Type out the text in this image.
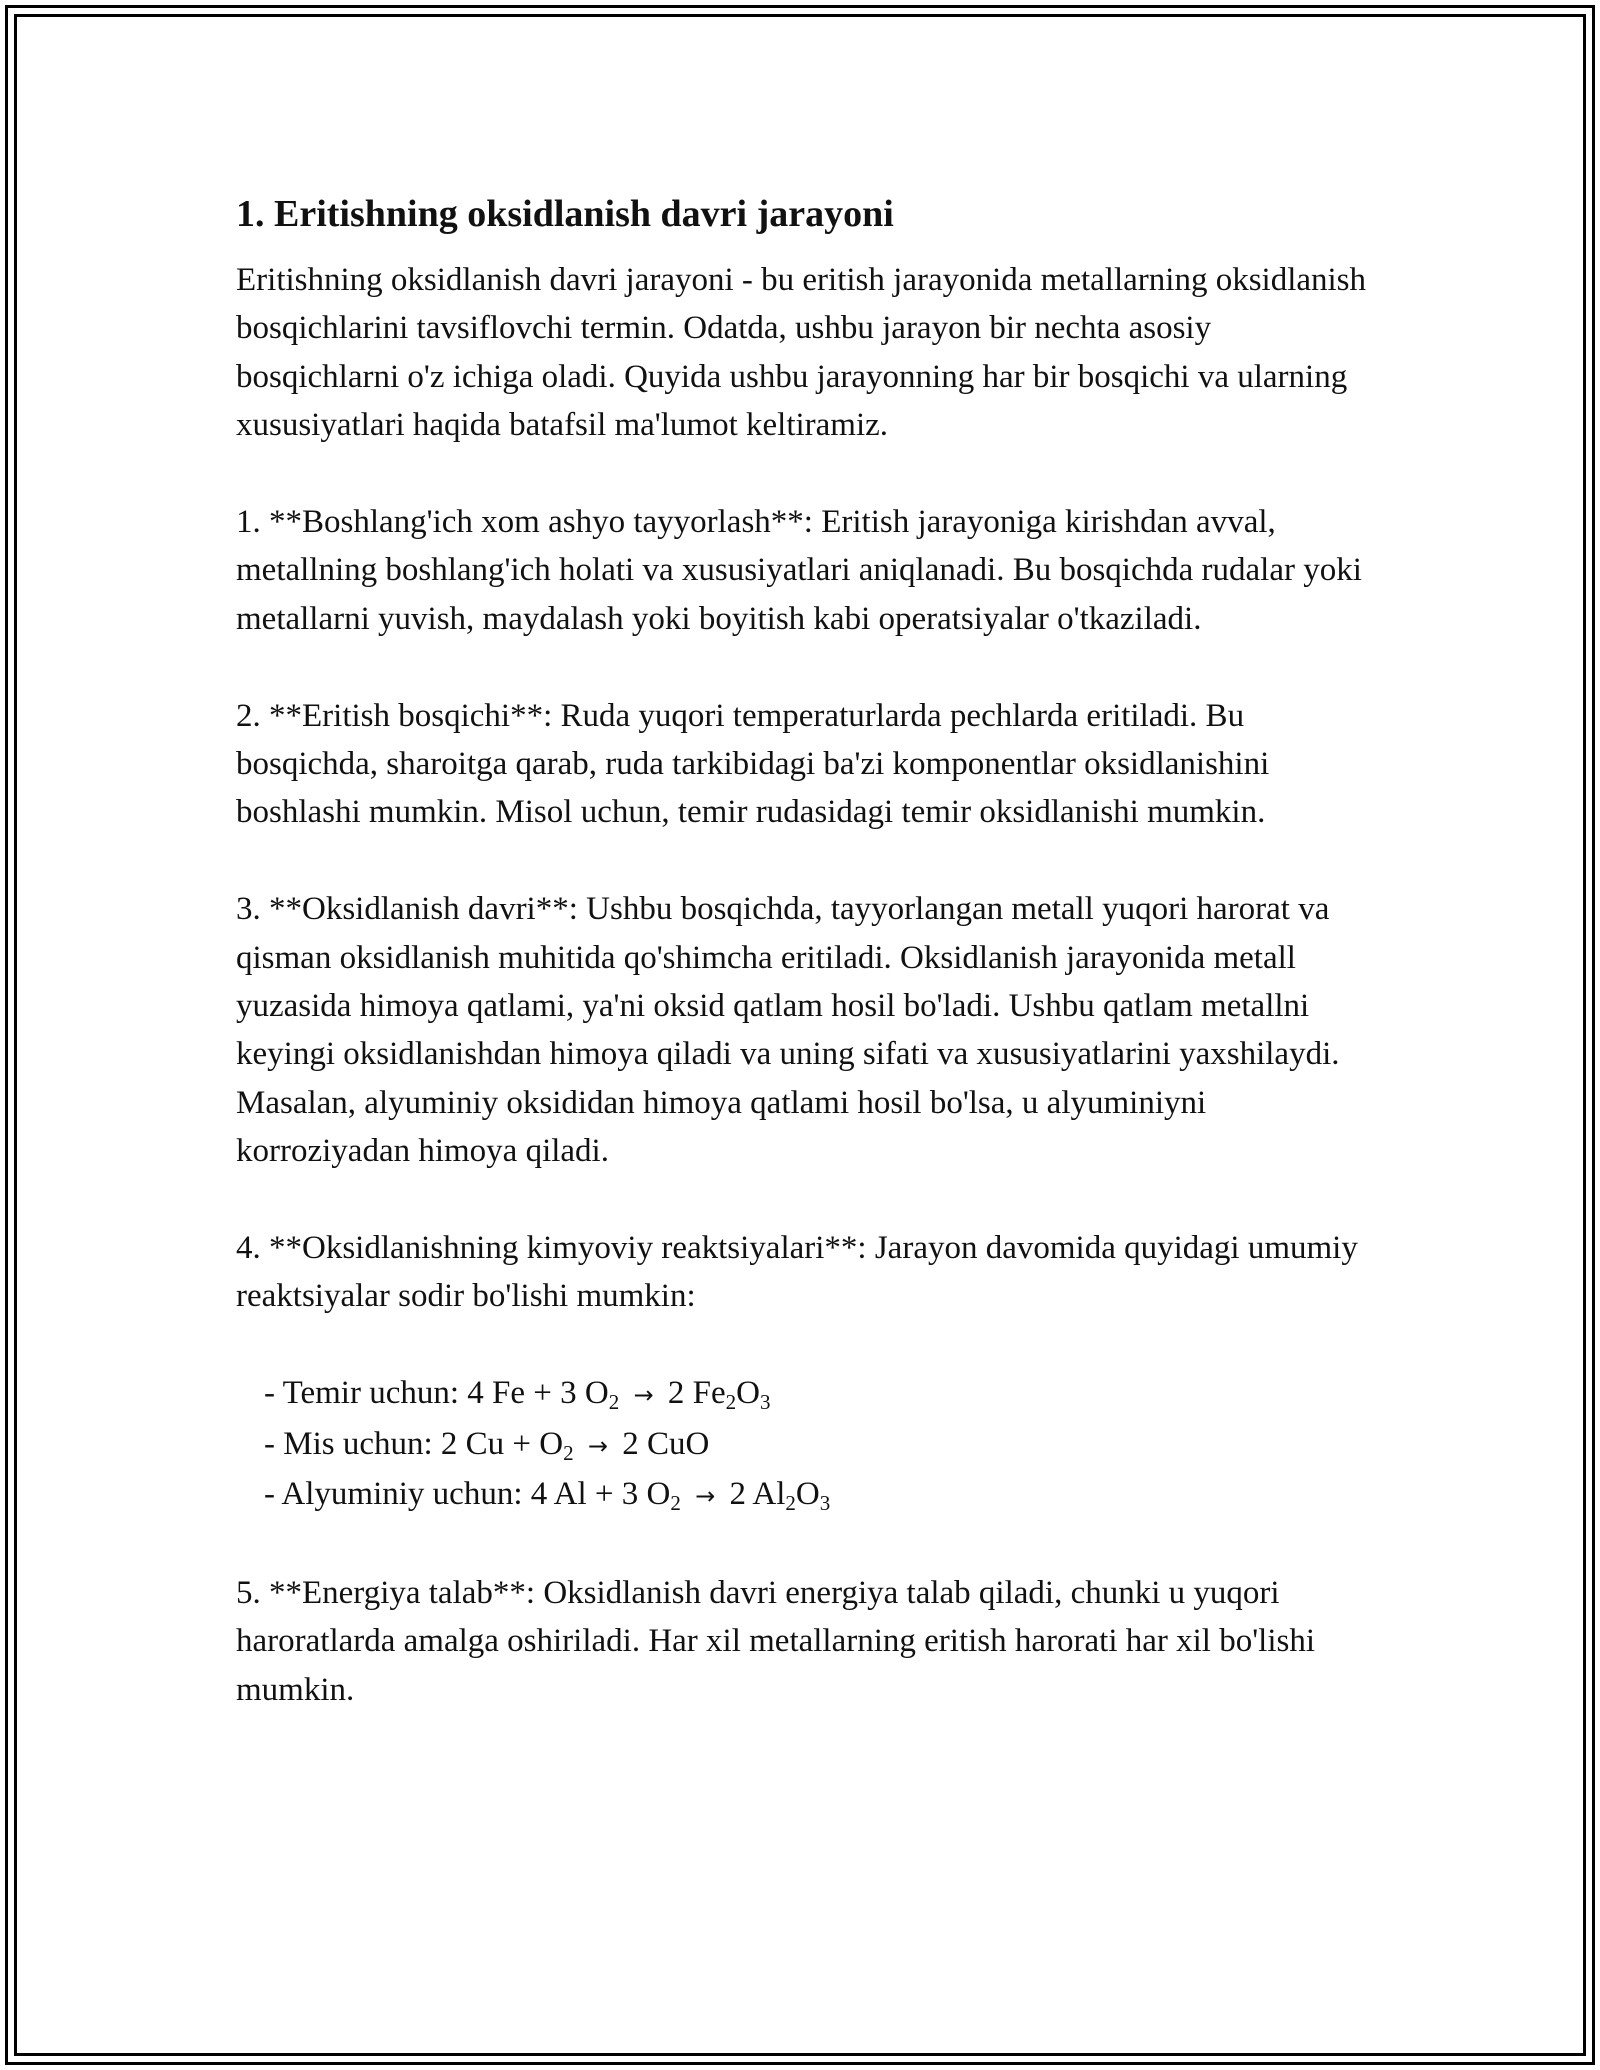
1. Eritishning oksidlanish davri jarayoni

Eritishning oksidlanish davri jarayoni - bu eritish jarayonida metallarning oksidlanish bosqichlarini tavsiflovchi termin. Odatda, ushbu jarayon bir nechta asosiy bosqichlarni o'z ichiga oladi. Quyida ushbu jarayonning har bir bosqichi va ularning xususiyatlari haqida batafsil ma'lumot keltiramiz.

1. **Boshlang'ich xom ashyo tayyorlash**: Eritish jarayoniga kirishdan avval, metallning boshlang'ich holati va xususiyatlari aniqlanadi. Bu bosqichda rudalar yoki metallarni yuvish, maydalash yoki boyitish kabi operatsiyalar o'tkaziladi.

2. **Eritish bosqichi**: Ruda yuqori temperaturlarda pechlarda eritiladi. Bu bosqichda, sharoitga qarab, ruda tarkibidagi ba'zi komponentlar oksidlanishini boshlashi mumkin. Misol uchun, temir rudasidagi temir oksidlanishi mumkin.

3. **Oksidlanish davri**: Ushbu bosqichda, tayyorlangan metall yuqori harorat va qisman oksidlanish muhitida qo'shimcha eritiladi. Oksidlanish jarayonida metall yuzasida himoya qatlami, ya'ni oksid qatlam hosil bo'ladi. Ushbu qatlam metallni keyingi oksidlanishdan himoya qiladi va uning sifati va xususiyatlarini yaxshilaydi. Masalan, alyuminiy oksididan himoya qatlami hosil bo'lsa, u alyuminiyni korroziyadan himoya qiladi.

4. **Oksidlanishning kimyoviy reaktsiyalari**: Jarayon davomida quyidagi umumiy reaktsiyalar sodir bo'lishi mumkin:

- Temir uchun: 4 Fe + 3 $O_2 \to 2$ $Fe_2O_3$
- Mis uchun: 2 $Cu + O_2 \to 2$ CuO
- Alyuminiy uchun: 4 Al + 3 $O_2 \to 2$ $Al_2O_3$

5. **Energiya talab**: Oksidlanish davri energiya talab qiladi, chunki u yuqori haroratlarda amalga oshiriladi. Har xil metallarning eritish harorati har xil bo'lishi mumkin.
